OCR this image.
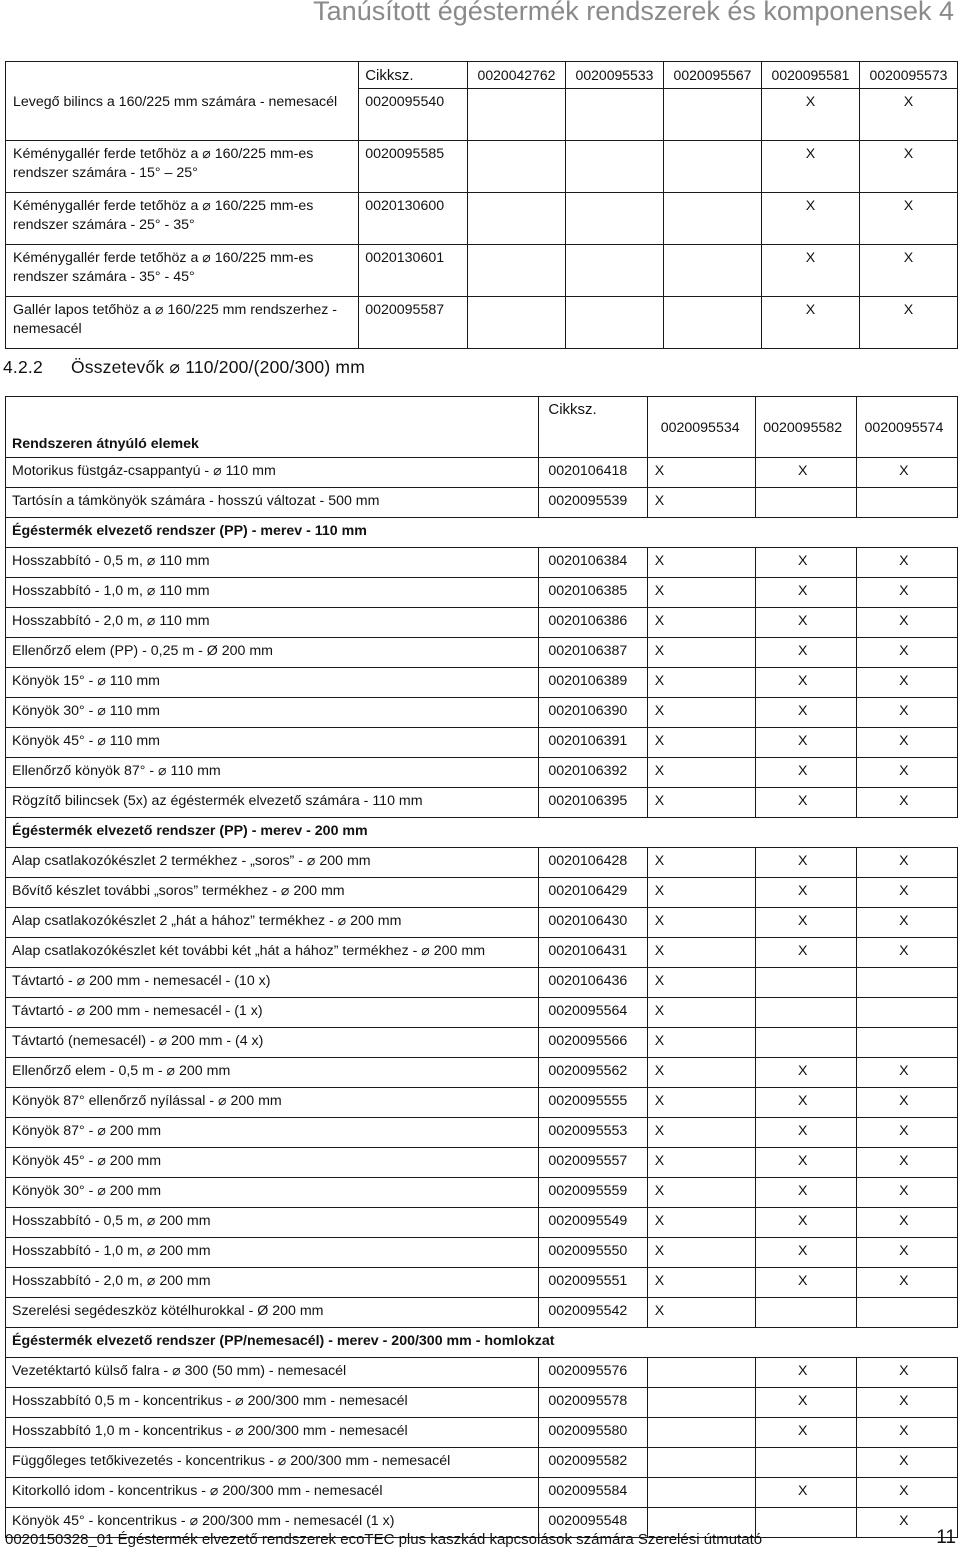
Tanúsított égéstermék rendszerek és komponensek 4
	Cikksz.	0020042762	0020095533	0020095567	0020095581	0020095573
Levegő bilincs a 160/225 mm számára - nemesacél	0020095540				X	X
Kéménygallér ferde tetőhöz a ⌀ 160/225 mm-es rendszer számára - 15° – 25°	0020095585				X	X
Kéménygallér ferde tetőhöz a ⌀ 160/225 mm-es rendszer számára - 25° - 35°	0020130600				X	X
Kéménygallér ferde tetőhöz a ⌀ 160/225 mm-es rendszer számára - 35° - 45°	0020130601				X	X
Gallér lapos tetőhöz a ⌀ 160/225 mm rendszerhez - nemesacél	0020095587				X	X
4.2.2 Összetevők ⌀ 110/200/(200/300) mm
Rendszeren átnyúló elemek	Cikksz.	0020095534	0020095582	0020095574
Motorikus füstgáz-csappantyú - ⌀ 110 mm	0020106418	X	X	X
Tartósín a támkönyök számára - hosszú változat - 500 mm	0020095539	X		
Égéstermék elvezető rendszer (PP) - merev - 110 mm				
Hosszabbító - 0,5 m, ⌀ 110 mm	0020106384	X	X	X
Hosszabbító - 1,0 m, ⌀ 110 mm	0020106385	X	X	X
Hosszabbító - 2,0 m, ⌀ 110 mm	0020106386	X	X	X
Ellenőrző elem (PP) - 0,25 m - Ø 200 mm	0020106387	X	X	X
Könyök 15° - ⌀ 110 mm	0020106389	X	X	X
Könyök 30° - ⌀ 110 mm	0020106390	X	X	X
Könyök 45° - ⌀ 110 mm	0020106391	X	X	X
Ellenőrző könyök 87° - ⌀ 110 mm	0020106392	X	X	X
Rögzítő bilincsek (5x) az égéstermék elvezető számára - 110 mm	0020106395	X	X	X
Égéstermék elvezető rendszer (PP) - merev - 200 mm				
Alap csatlakozókészlet 2 termékhez - „soros” - ⌀ 200 mm	0020106428	X	X	X
Bővítő készlet további „soros” termékhez - ⌀ 200 mm	0020106429	X	X	X
Alap csatlakozókészlet 2 „hát a hához” termékhez - ⌀ 200 mm	0020106430	X	X	X
Alap csatlakozókészlet két további két „hát a hához” termékhez - ⌀ 200 mm	0020106431	X	X	X
Távtartó - ⌀ 200 mm - nemesacél - (10 x)	0020106436	X		
Távtartó - ⌀ 200 mm - nemesacél - (1 x)	0020095564	X		
Távtartó (nemesacél) - ⌀ 200 mm - (4 x)	0020095566	X		
Ellenőrző elem - 0,5 m - ⌀ 200 mm	0020095562	X	X	X
Könyök 87° ellenőrző nyílással - ⌀ 200 mm	0020095555	X	X	X
Könyök 87° - ⌀ 200 mm	0020095553	X	X	X
Könyök 45° - ⌀ 200 mm	0020095557	X	X	X
Könyök 30° - ⌀ 200 mm	0020095559	X	X	X
Hosszabbító - 0,5 m, ⌀ 200 mm	0020095549	X	X	X
Hosszabbító - 1,0 m, ⌀ 200 mm	0020095550	X	X	X
Hosszabbító - 2,0 m, ⌀ 200 mm	0020095551	X	X	X
Szerelési segédeszköz kötélhurokkal - Ø 200 mm	0020095542	X		
Égéstermék elvezető rendszer (PP/nemesacél) - merev - 200/300 mm - homlokzat				
Vezetéktartó külső falra - ⌀ 300 (50 mm) - nemesacél	0020095576		X	X
Hosszabbító 0,5 m - koncentrikus - ⌀ 200/300 mm - nemesacél	0020095578		X	X
Hosszabbító 1,0 m - koncentrikus - ⌀ 200/300 mm - nemesacél	0020095580		X	X
Függőleges tetőkivezetés - koncentrikus - ⌀ 200/300 mm - nemesacél	0020095582			X
Kitorkolló idom - koncentrikus - ⌀ 200/300 mm - nemesacél	0020095584		X	X
Könyök 45° - koncentrikus - ⌀ 200/300 mm - nemesacél (1 x)	0020095548			X
0020150328_01 Égéstermék elvezető rendszerek ecoTEC plus kaszkád kapcsolások számára Szerelési útmutató	11
